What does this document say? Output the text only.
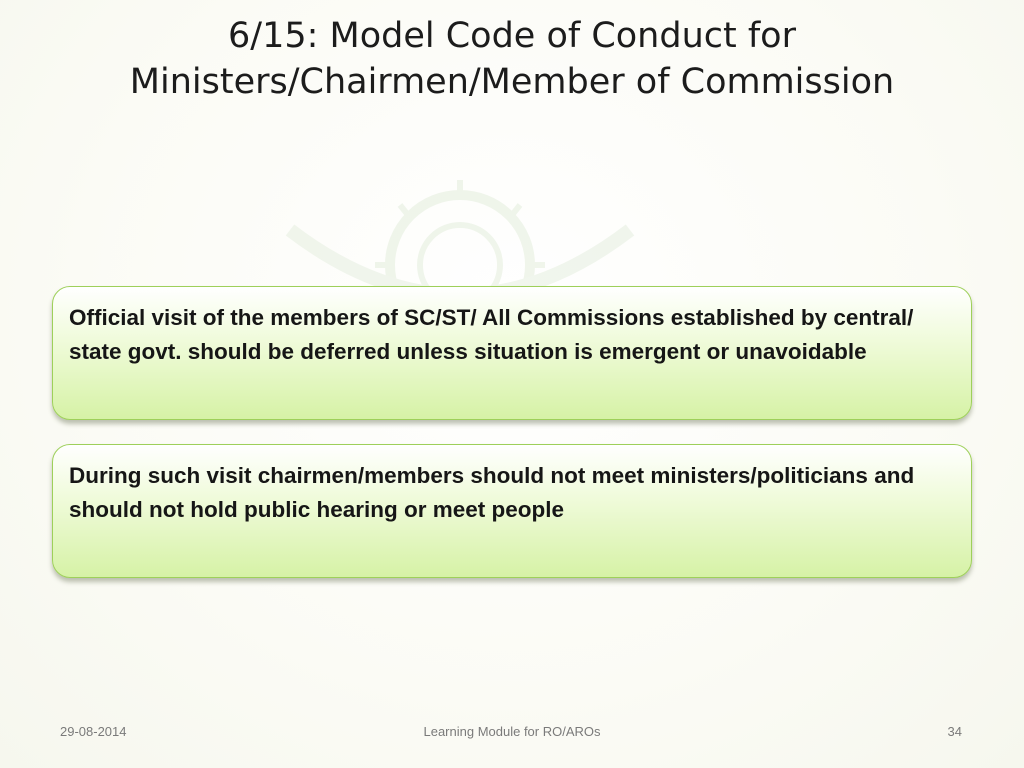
6/15: Model Code of Conduct for
Ministers/Chairmen/Member of Commission

Official visit of the members of SC/ST/ All Commissions established by central/ state govt. should be deferred unless situation is emergent or unavoidable

During such visit chairmen/members should not meet ministers/politicians and should not hold public hearing or meet people

29-08-2014	Learning Module for RO/AROs	34
